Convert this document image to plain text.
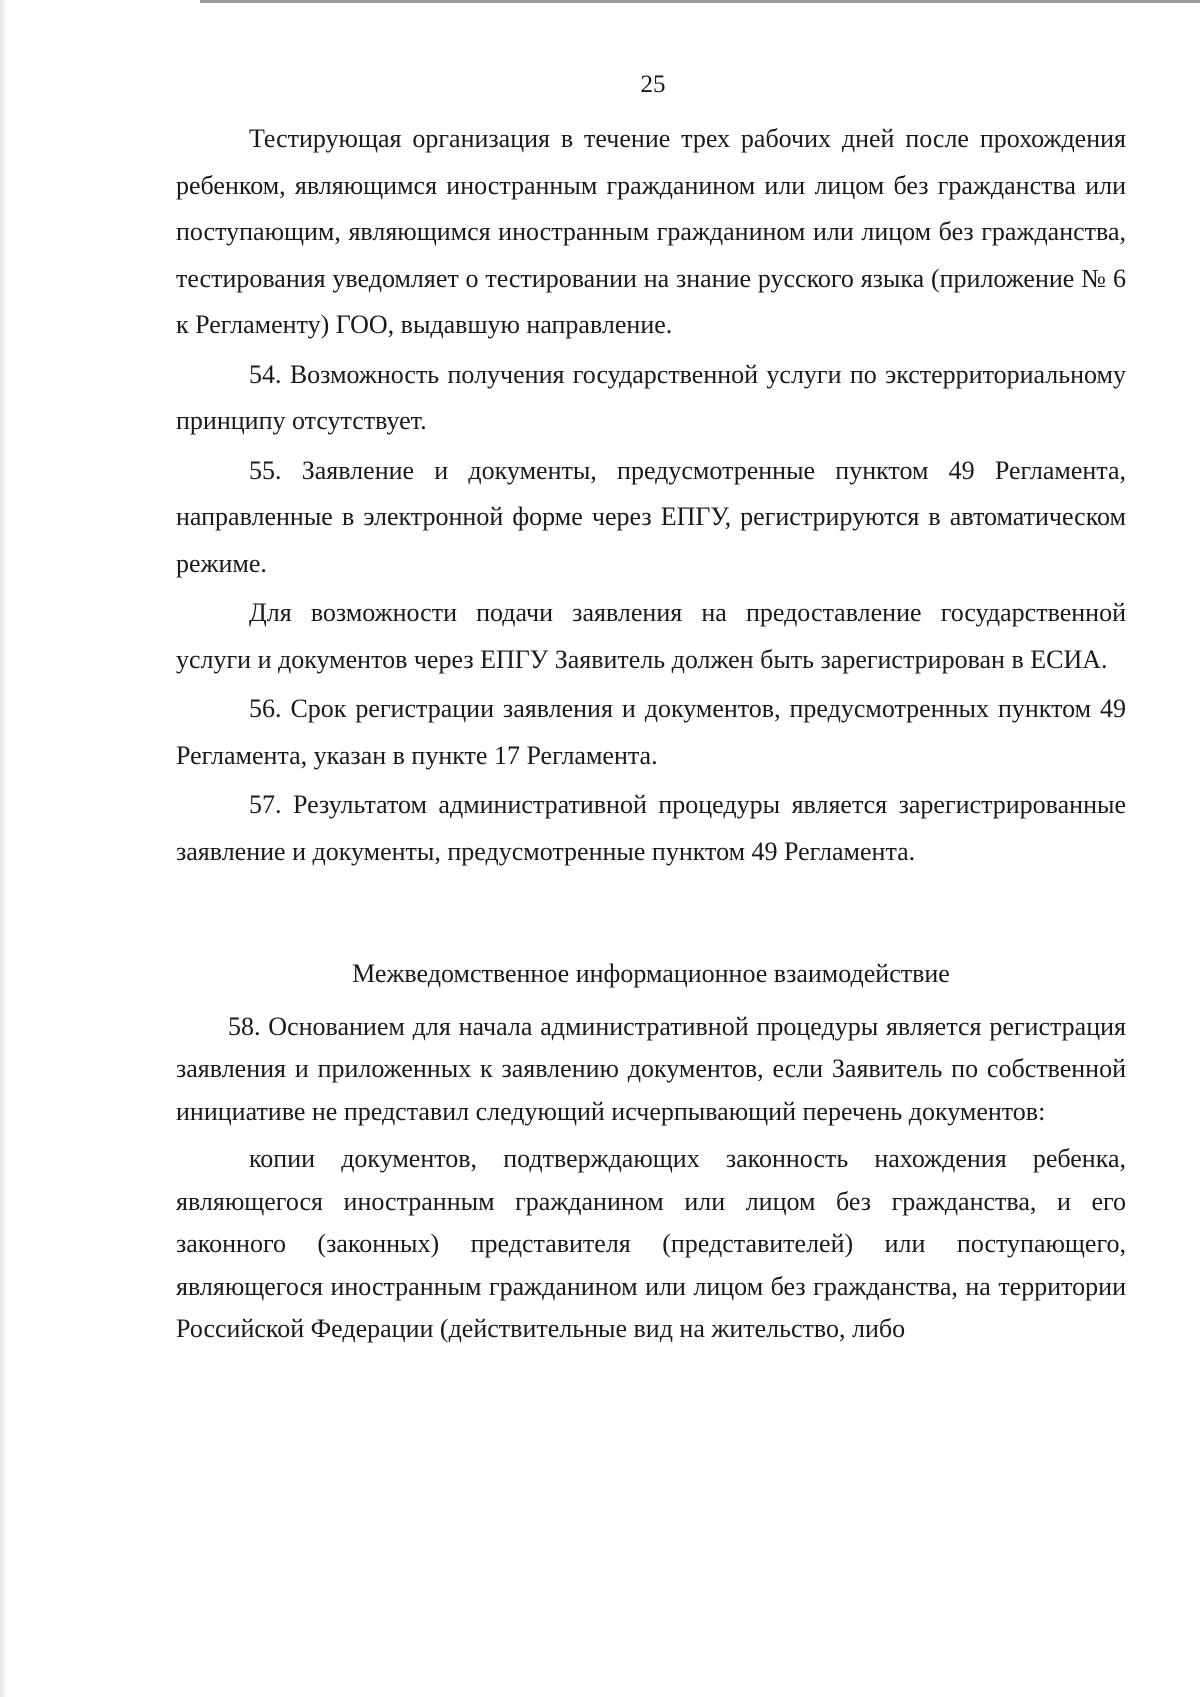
25

Тестирующая организация в течение трех рабочих дней после прохождения ребенком, являющимся иностранным гражданином или лицом без гражданства или поступающим, являющимся иностранным гражданином или лицом без гражданства, тестирования уведомляет о тестировании на знание русского языка (приложение № 6 к Регламенту) ГОО, выдавшую направление.

54. Возможность получения государственной услуги по экстерриториальному принципу отсутствует.

55. Заявление и документы, предусмотренные пунктом 49 Регламента, направленные в электронной форме через ЕПГУ, регистрируются в автоматическом режиме.

Для возможности подачи заявления на предоставление государственной услуги и документов через ЕПГУ Заявитель должен быть зарегистрирован в ЕСИА.

56. Срок регистрации заявления и документов, предусмотренных пунктом 49 Регламента, указан в пункте 17 Регламента.

57. Результатом административной процедуры является зарегистрированные заявление и документы, предусмотренные пунктом 49 Регламента.

Межведомственное информационное взаимодействие

58. Основанием для начала административной процедуры является регистрация заявления и приложенных к заявлению документов, если Заявитель по собственной инициативе не представил следующий исчерпывающий перечень документов:

копии документов, подтверждающих законность нахождения ребенка, являющегося иностранным гражданином или лицом без гражданства, и его законного (законных) представителя (представителей) или поступающего, являющегося иностранным гражданином или лицом без гражданства, на территории Российской Федерации (действительные вид на жительство, либо
